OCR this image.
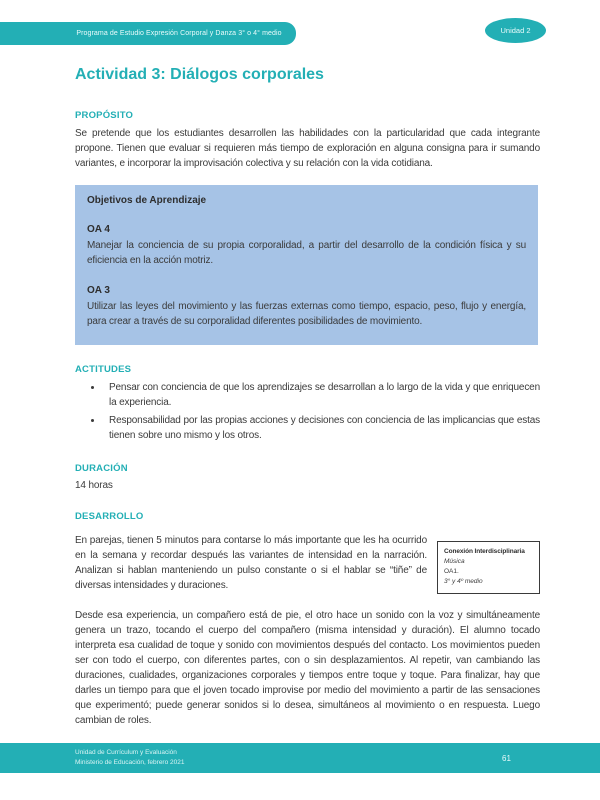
Programa de Estudio Expresión Corporal y Danza 3° o 4° medio	Unidad 2
Actividad 3: Diálogos corporales
PROPÓSITO

Se pretende que los estudiantes desarrollen las habilidades con la particularidad que cada integrante propone. Tienen que evaluar si requieren más tiempo de exploración en alguna consigna para ir sumando variantes, e incorporar la improvisación colectiva y su relación con la vida cotidiana.

Objetivos de Aprendizaje
OA 4

Manejar la conciencia de su propia corporalidad, a partir del desarrollo de la condición física y su eficiencia en la acción motriz.

OA 3

Utilizar las leyes del movimiento y las fuerzas externas como tiempo, espacio, peso, flujo y energía, para crear a través de su corporalidad diferentes posibilidades de movimiento.

ACTITUDES
• Pensar con conciencia de que los aprendizajes se desarrollan a lo largo de la vida y que enriquecen la experiencia.
• Responsabilidad por las propias acciones y decisiones con conciencia de las implicancias que estas tienen sobre uno mismo y los otros.
DURACIÓN

14 horas

DESARROLLO

En parejas, tienen 5 minutos para contarse lo más importante que les ha ocurrido en la semana y recordar después las variantes de intensidad en la narración. Analizan si hablan manteniendo un pulso constante o si el hablar se “tiñe” de diversas intensidades y duraciones.

Conexión Interdisciplinaria
Música
OA1.
3° y 4º medio

Desde esa experiencia, un compañero está de pie, el otro hace un sonido con la voz y simultáneamente genera un trazo, tocando el cuerpo del compañero (misma intensidad y duración). El alumno tocado interpreta esa cualidad de toque y sonido con movimientos después del contacto. Los movimientos pueden ser con todo el cuerpo, con diferentes partes, con o sin desplazamientos. Al repetir, van cambiando las duraciones, cualidades, organizaciones corporales y tiempos entre toque y toque. Para finalizar, hay que darles un tiempo para que el joven tocado improvise por medio del movimiento a partir de las sensaciones que experimentó; puede generar sonidos si lo desea, simultáneos al movimiento o en respuesta. Luego cambian de roles.

Unidad de Currículum y Evaluación
Ministerio de Educación, febrero 2021	61
